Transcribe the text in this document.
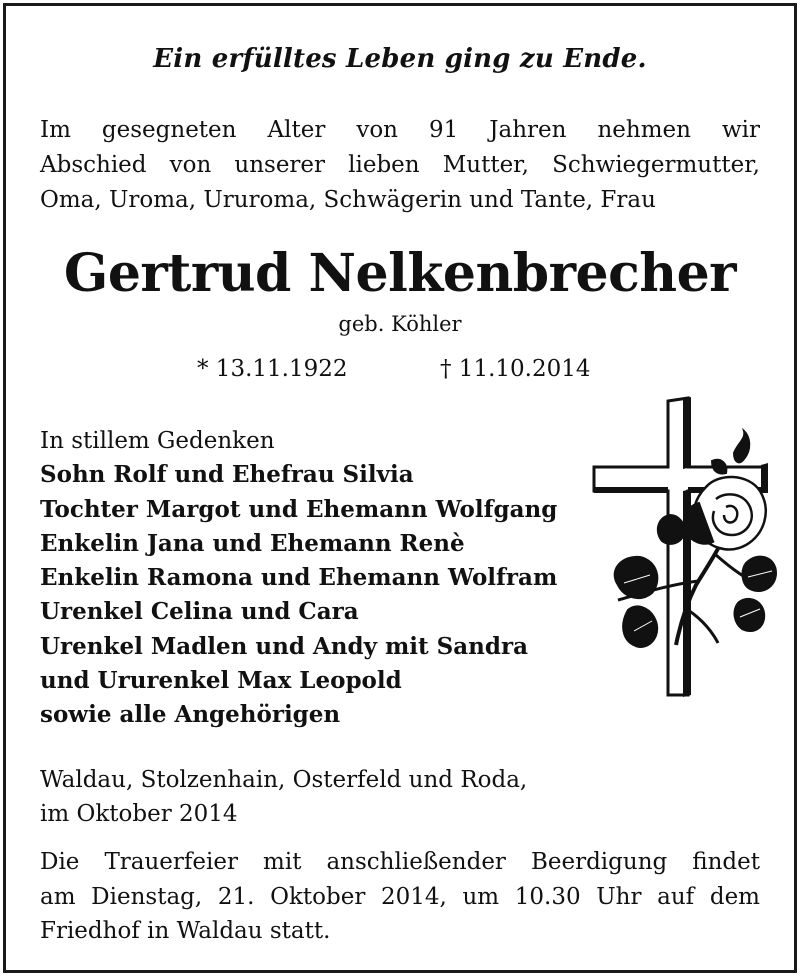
Ein erfülltes Leben ging zu Ende.
Im gesegneten Alter von 91 Jahren nehmen wir
Abschied von unserer lieben Mutter, Schwiegermutter,
Oma, Uroma, Ururoma, Schwägerin und Tante, Frau
Gertrud Nelkenbrecher
geb. Köhler
* 13.11.1922	† 11.10.2014
In stillem Gedenken
Sohn Rolf und Ehefrau Silvia
Tochter Margot und Ehemann Wolfgang
Enkelin Jana und Ehemann Renè
Enkelin Ramona und Ehemann Wolfram
Urenkel Celina und Cara
Urenkel Madlen und Andy mit Sandra
und Ururenkel Max Leopold
sowie alle Angehörigen
Waldau, Stolzenhain, Osterfeld und Roda,
im Oktober 2014
Die Trauerfeier mit anschließender Beerdigung findet
am Dienstag, 21. Oktober 2014, um 10.30 Uhr auf dem
Friedhof in Waldau statt.
